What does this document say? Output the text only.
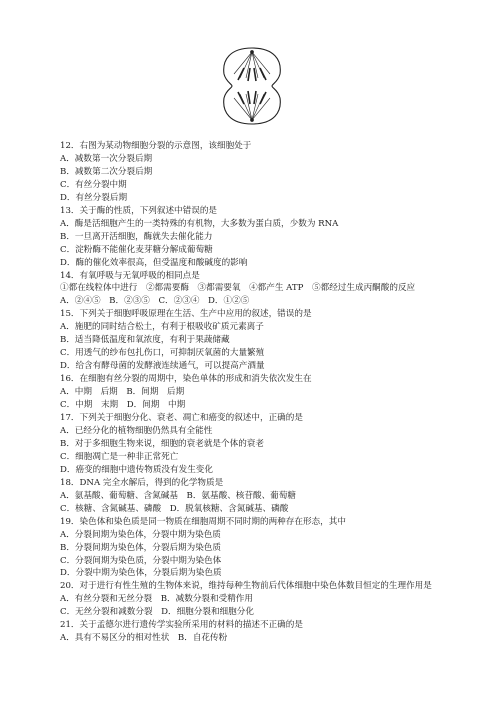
12．右图为某动物细胞分裂的示意图，该细胞处于
A．减数第一次分裂后期
B．减数第二次分裂后期
C．有丝分裂中期
D．有丝分裂后期
13．关于酶的性质，下列叙述中错误的是
A．酶是活细胞产生的一类特殊的有机物，大多数为蛋白质，少数为 RNA
B．一旦离开活细胞，酶就失去催化能力
C．淀粉酶不能催化麦芽糖分解成葡萄糖
D．酶的催化效率很高，但受温度和酸碱度的影响
14．有氧呼吸与无氧呼吸的相同点是
①都在线粒体中进行　②都需要酶　③都需要氧　④都产生 ATP　⑤都经过生成丙酮酸的反应
A．②④⑤　B．②③⑤　C．②③④　D．①②⑤
15．下列关于细胞呼吸原理在生活、生产中应用的叙述，错误的是
A．施肥的同时结合松土，有利于根吸收矿质元素离子
B．适当降低温度和氧浓度，有利于果蔬储藏
C．用透气的纱布包扎伤口，可抑制厌氧菌的大量繁殖
D．给含有酵母菌的发酵液连续通气，可以提高产酒量
16．在细胞有丝分裂的周期中，染色单体的形成和消失依次发生在
A．中期　后期　B．间期　后期
C．中期　末期　D．间期　中期
17．下列关于细胞分化、衰老、凋亡和癌变的叙述中，正确的是
A．已经分化的植物细胞仍然具有全能性
B．对于多细胞生物来说，细胞的衰老就是个体的衰老
C．细胞凋亡是一种非正常死亡
D．癌变的细胞中遗传物质没有发生变化
18．DNA 完全水解后，得到的化学物质是
A．氨基酸、葡萄糖、含氮碱基　B．氨基酸、核苷酸、葡萄糖
C．核糖、含氮碱基、磷酸　D．脱氧核糖、含氮碱基、磷酸
19．染色体和染色质是同一物质在细胞周期不同时期的两种存在形态，其中
A．分裂间期为染色体，分裂中期为染色质
B．分裂间期为染色体，分裂后期为染色质
C．分裂间期为染色质，分裂中期为染色体
D．分裂中期为染色体，分裂后期为染色质
20．对于进行有性生殖的生物体来说，维持每种生物前后代体细胞中染色体数目恒定的生理作用是
A．有丝分裂和无丝分裂　B．减数分裂和受精作用
C．无丝分裂和减数分裂　D．细胞分裂和细胞分化
21．关于孟德尔进行遗传学实验所采用的材料的描述不正确的是
A．具有不易区分的相对性状　B．自花传粉
